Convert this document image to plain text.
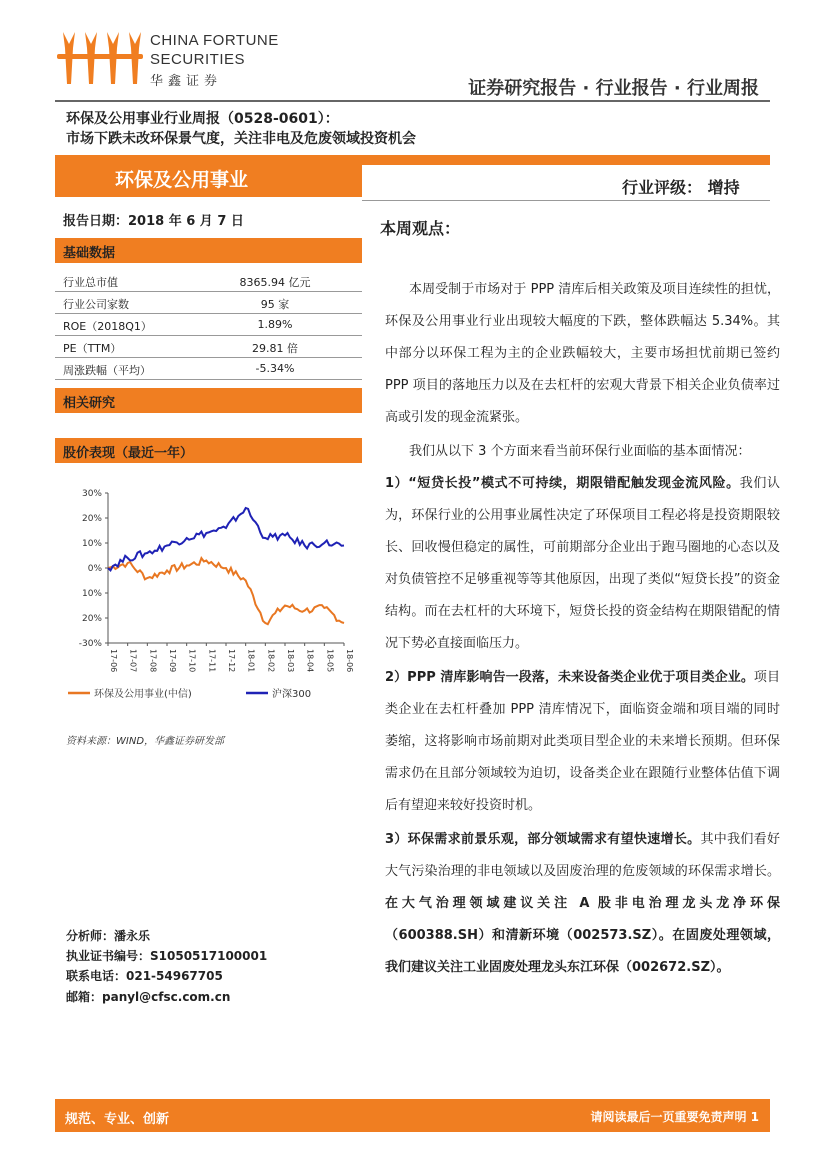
CHINA FORTUNE
SECURITIES
华鑫证券	证券研究报告 · 行业报告 · 行业周报
环保及公用事业行业周报（0528-0601）：
市场下跌未改环保景气度，关注非电及危废领域投资机会
环保及公用事业	行业评级： 增持
报告日期：2018 年 6 月 7 日
基础数据
行业总市值	8365.94 亿元
行业公司家数	95 家
ROE（2018Q1）	1.89%
PE（TTM）	29.81 倍
周涨跌幅（平均）	-5.34%
相关研究
股价表现（最近一年）
30%
20%
10%
0%
10%
20%
-30%
17-06 17-07 17-08 17-09 17-10 17-11 17-12 18-01 18-02 18-03 18-04 18-05 18-06
环保及公用事业(中信)	沪深300
资料来源：WIND，华鑫证券研发部
分析师：潘永乐
执业证书编号：S1050517100001
联系电话：021-54967705
邮箱：panyl@cfsc.com.cn
本周观点：
本周受制于市场对于 PPP 清库后相关政策及项目连续性的担忧，环保及公用事业行业出现较大幅度的下跌，整体跌幅达 5.34%。其中部分以环保工程为主的企业跌幅较大，主要市场担忧前期已签约 PPP 项目的落地压力以及在去杠杆的宏观大背景下相关企业负债率过高或引发的现金流紧张。
我们从以下 3 个方面来看当前环保行业面临的基本面情况：
1）“短贷长投”模式不可持续，期限错配触发现金流风险。我们认为，环保行业的公用事业属性决定了环保项目工程必将是投资期限较长、回收慢但稳定的属性，可前期部分企业出于跑马圈地的心态以及对负债管控不足够重视等等其他原因，出现了类似“短贷长投”的资金结构。而在去杠杆的大环境下，短贷长投的资金结构在期限错配的情况下势必直接面临压力。
2）PPP 清库影响告一段落，未来设备类企业优于项目类企业。项目类企业在去杠杆叠加 PPP 清库情况下，面临资金端和项目端的同时萎缩，这将影响市场前期对此类项目型企业的未来增长预期。但环保需求仍在且部分领域较为迫切，设备类企业在跟随行业整体估值下调后有望迎来较好投资时机。
3）环保需求前景乐观，部分领域需求有望快速增长。其中我们看好大气污染治理的非电领域以及固废治理的危废领域的环保需求增长。在大气治理领域建议关注 A 股非电治理龙头龙净环保（600388.SH）和清新环境（002573.SZ）。在固废处理领域，我们建议关注工业固废处理龙头东江环保（002672.SZ）。
规范、专业、创新	请阅读最后一页重要免责声明 1
